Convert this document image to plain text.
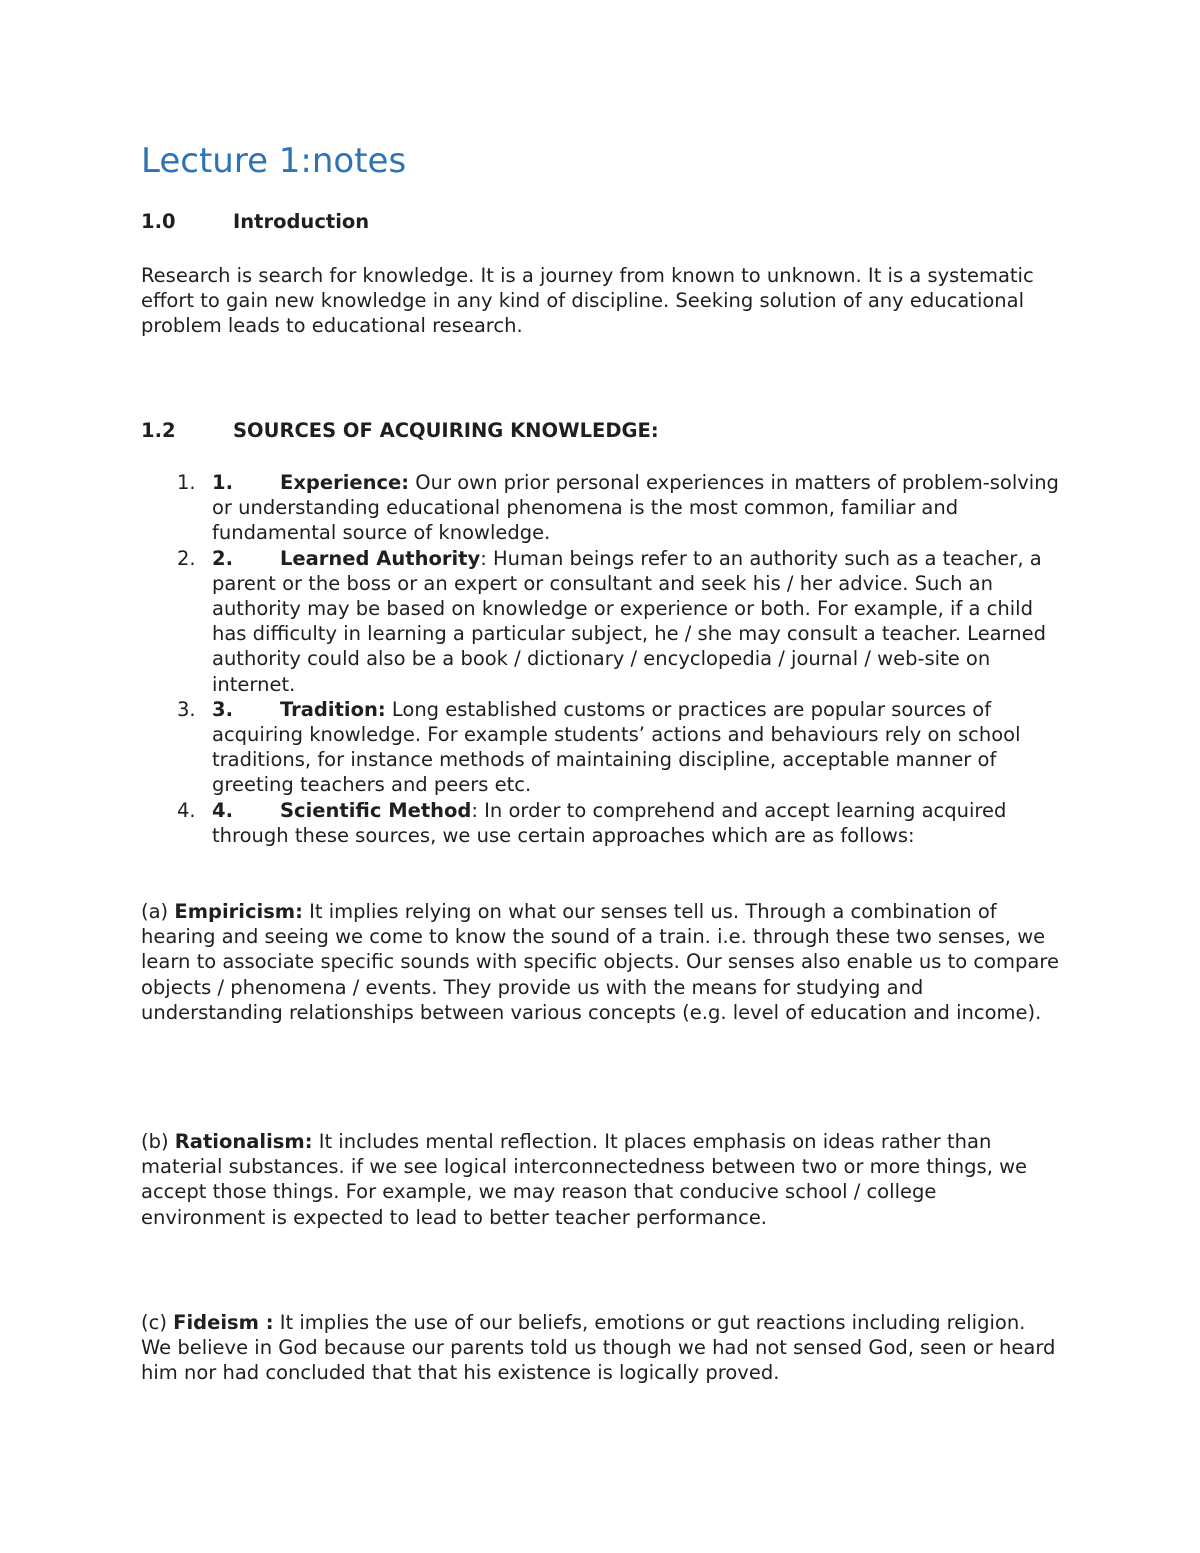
Lecture 1:notes
1.0	Introduction

Research is search for knowledge. It is a journey from known to unknown. It is a systematic effort to gain new knowledge in any kind of discipline. Seeking solution of any educational problem leads to educational research.

1.2	SOURCES OF ACQUIRING KNOWLEDGE:
1. 1. Experience: Our own prior personal experiences in matters of problem-solving or understanding educational phenomena is the most common, familiar and fundamental source of knowledge.
2. 2. Learned Authority: Human beings refer to an authority such as a teacher, a parent or the boss or an expert or consultant and seek his / her advice. Such an authority may be based on knowledge or experience or both. For example, if a child has difficulty in learning a particular subject, he / she may consult a teacher. Learned authority could also be a book / dictionary / encyclopedia / journal / web-site on internet.
3. 3. Tradition: Long established customs or practices are popular sources of acquiring knowledge. For example students’ actions and behaviours rely on school traditions, for instance methods of maintaining discipline, acceptable manner of greeting teachers and peers etc.
4. 4. Scientific Method: In order to comprehend and accept learning acquired through these sources, we use certain approaches which are as follows:

(a) Empiricism: It implies relying on what our senses tell us. Through a combination of hearing and seeing we come to know the sound of a train. i.e. through these two senses, we learn to associate specific sounds with specific objects. Our senses also enable us to compare objects / phenomena / events. They provide us with the means for studying and understanding relationships between various concepts (e.g. level of education and income).

(b) Rationalism: It includes mental reflection. It places emphasis on ideas rather than material substances. if we see logical interconnectedness between two or more things, we accept those things. For example, we may reason that conducive school / college environment is expected to lead to better teacher performance.

(c) Fideism : It implies the use of our beliefs, emotions or gut reactions including religion. We believe in God because our parents told us though we had not sensed God, seen or heard him nor had concluded that that his existence is logically proved.
